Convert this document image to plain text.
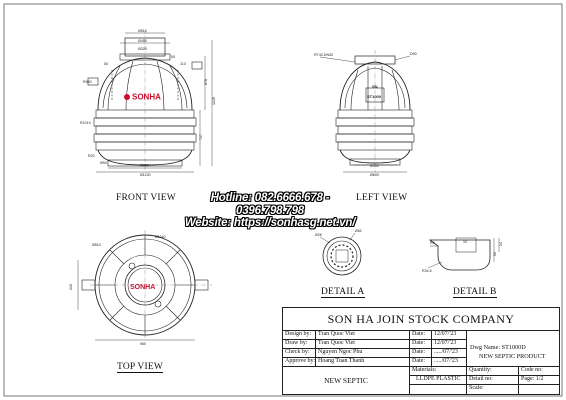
SONHA
Ø510
Ø450
Ø320
50
110
50
R550
R1019
R20
Ø1130
Ø860
Ø94
878
1245
717
RT42-DN32	D90
Ø300
Ø600
SN
ST1000
SONHA
Ø510
Ø1140
960
210
Ø26
Ø52
R5	10
R34.5
93
24
FRONT VIEW	LEFT VIEW
TOP VIEW
DETAIL A	DETAIL B
Hotline: 082.6666.678 - 0396.798.798
Website: https://sonhasg.net.vn/
SON HA JOIN STOCK COMPANY
Design by:	Tran Quoc Viet	Date:	12/07/'23
Draw by:	Tran Quoc Viet	Date:	12/07/'23
Check by:	Nguyen Ngoc Phu	Date:	...../07/'23
Approve by: Hoang Tuan Thanh	Date:	...../07/'23
Dwg Name: ST1000D
NEW SEPTIC PRODUCT
NEW SEPTIC
Materials:
LLDPE PLASTIC
Quantity:	Code no:
Detail no:	Page: 1/2
Scale:
